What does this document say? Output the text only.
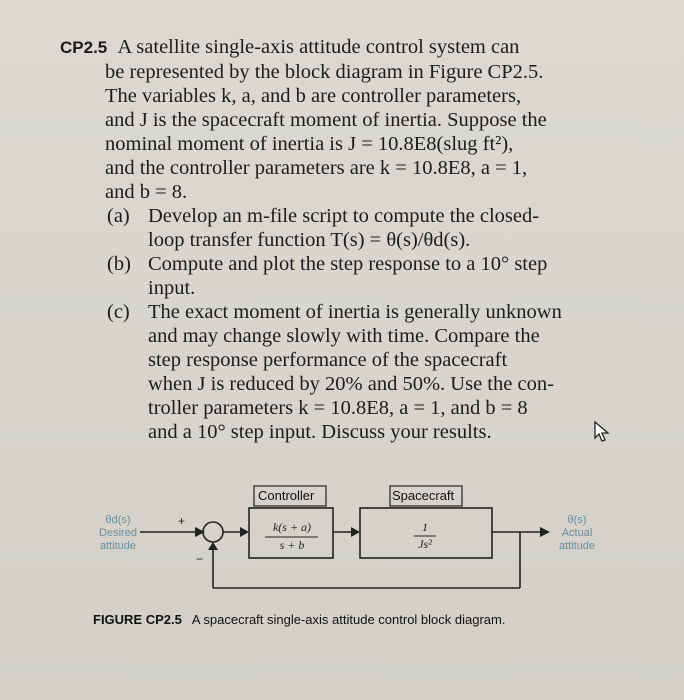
CP2.5 A satellite single-axis attitude control system can
be represented by the block diagram in Figure CP2.5.
The variables k, a, and b are controller parameters,
and J is the spacecraft moment of inertia. Suppose the
nominal moment of inertia is J = 10.8E8(slug ft²),
and the controller parameters are k = 10.8E8, a = 1,
and b = 8.
(a) Develop an m-file script to compute the closed-
loop transfer function T(s) = θ(s)/θd(s).
(b) Compute and plot the step response to a 10° step
input.
(c) The exact moment of inertia is generally unknown
and may change slowly with time. Compare the
step response performance of the spacecraft
when J is reduced by 20% and 50%. Use the con-
troller parameters k = 10.8E8, a = 1, and b = 8
and a 10° step input. Discuss your results.
Controller	Spacecraft
k(s + a)
s + b
1
Js²
+
−
θd(s)
Desired
attitude
θ(s)
Actual
attitude
FIGURE CP2.5 A spacecraft single-axis attitude control block diagram.
